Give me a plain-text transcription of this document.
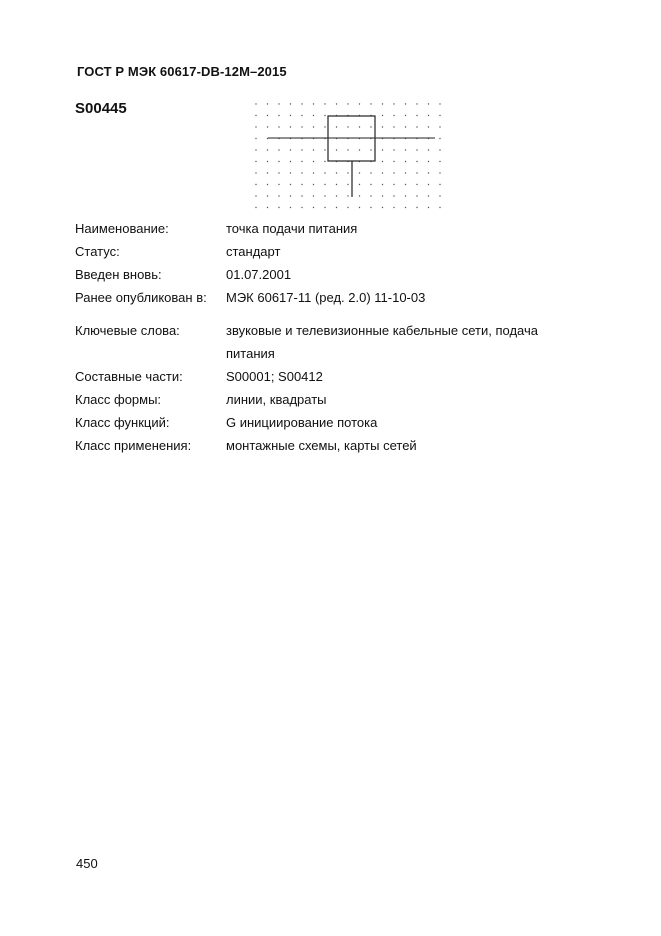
ГОСТ Р МЭК 60617-DB-12M–2015
S00445
Наименование:	точка подачи питания
Статус:	стандарт
Введен вновь:	01.07.2001
Ранее опубликован в:	МЭК 60617-11 (ред. 2.0) 11-10-03
Ключевые слова:	звуковые и телевизионные кабельные сети, подача
питания
Составные части:	S00001; S00412
Класс формы:	линии, квадраты
Класс функций:	G инициирование потока
Класс применения:	монтажные схемы, карты сетей
450
